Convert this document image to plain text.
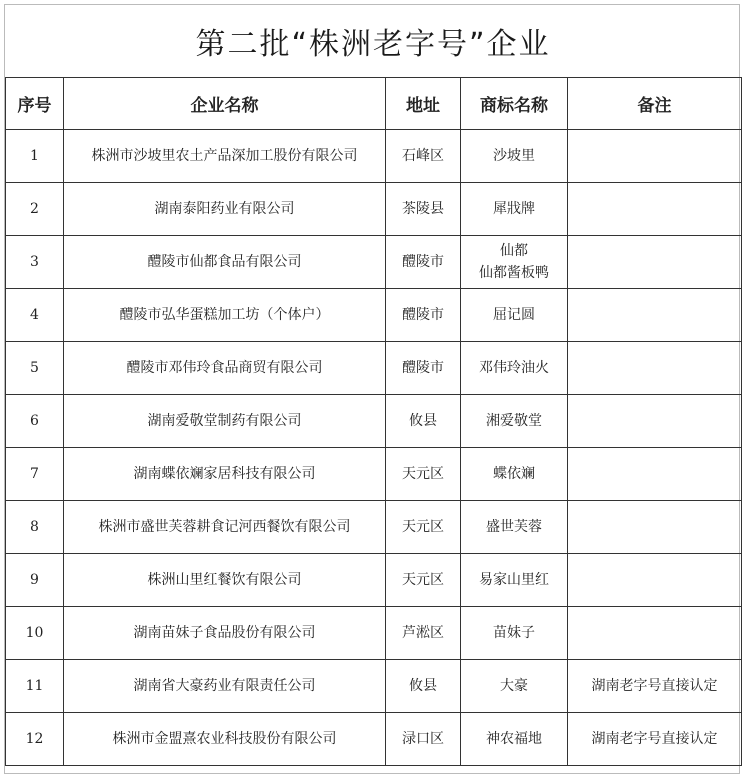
第二批“株洲老字号”企业
序号	企业名称	地址	商标名称	备注
1	株洲市沙坡里农土产品深加工股份有限公司	石峰区	沙坡里	

2	湖南泰阳药业有限公司	茶陵县	犀戕牌	

3	醴陵市仙都食品有限公司	醴陵市	仙都
仙都酱板鸭	

4	醴陵市弘华蛋糕加工坊（个体户）	醴陵市	屈记圆	

5	醴陵市邓伟玲食品商贸有限公司	醴陵市	邓伟玲油火	

6	湖南爱敬堂制药有限公司	攸县	湘爱敬堂	

7	湖南蝶依斓家居科技有限公司	天元区	蝶依斓	

8	株洲市盛世芙蓉耕食记河西餐饮有限公司	天元区	盛世芙蓉	

9	株洲山里红餐饮有限公司	天元区	易家山里红	

10	湖南苗妹子食品股份有限公司	芦淞区	苗妹子	

11	湖南省大豪药业有限责任公司	攸县	大豪	湖南老字号直接认定
12	株洲市金盟熹农业科技股份有限公司	渌口区	神农福地	湖南老字号直接认定
